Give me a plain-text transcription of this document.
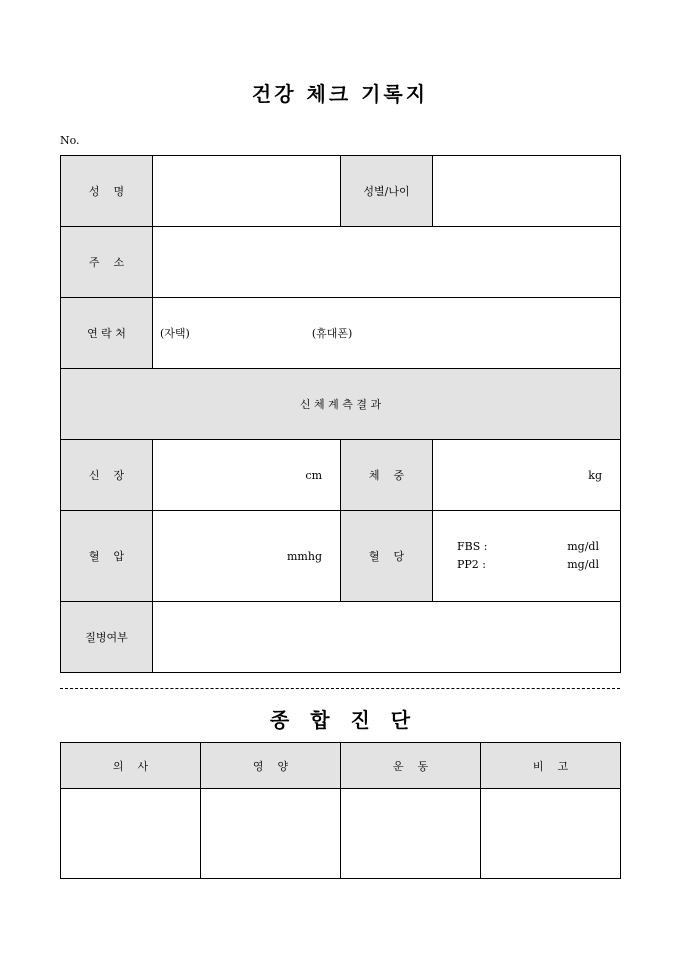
건강 체크 기록지
No.
성    명		성별/나이	
주    소			
연 락 처	(자택) (휴대폰)		
신 체 계 측 결 과			
신    장	cm	체    중	kg
혈    압	mmhg	혈    당	FBS : mg/dl
PP2 : mg/dl

질병여부			
종 합 진 단
의    사	영    양	운    동	비    고
